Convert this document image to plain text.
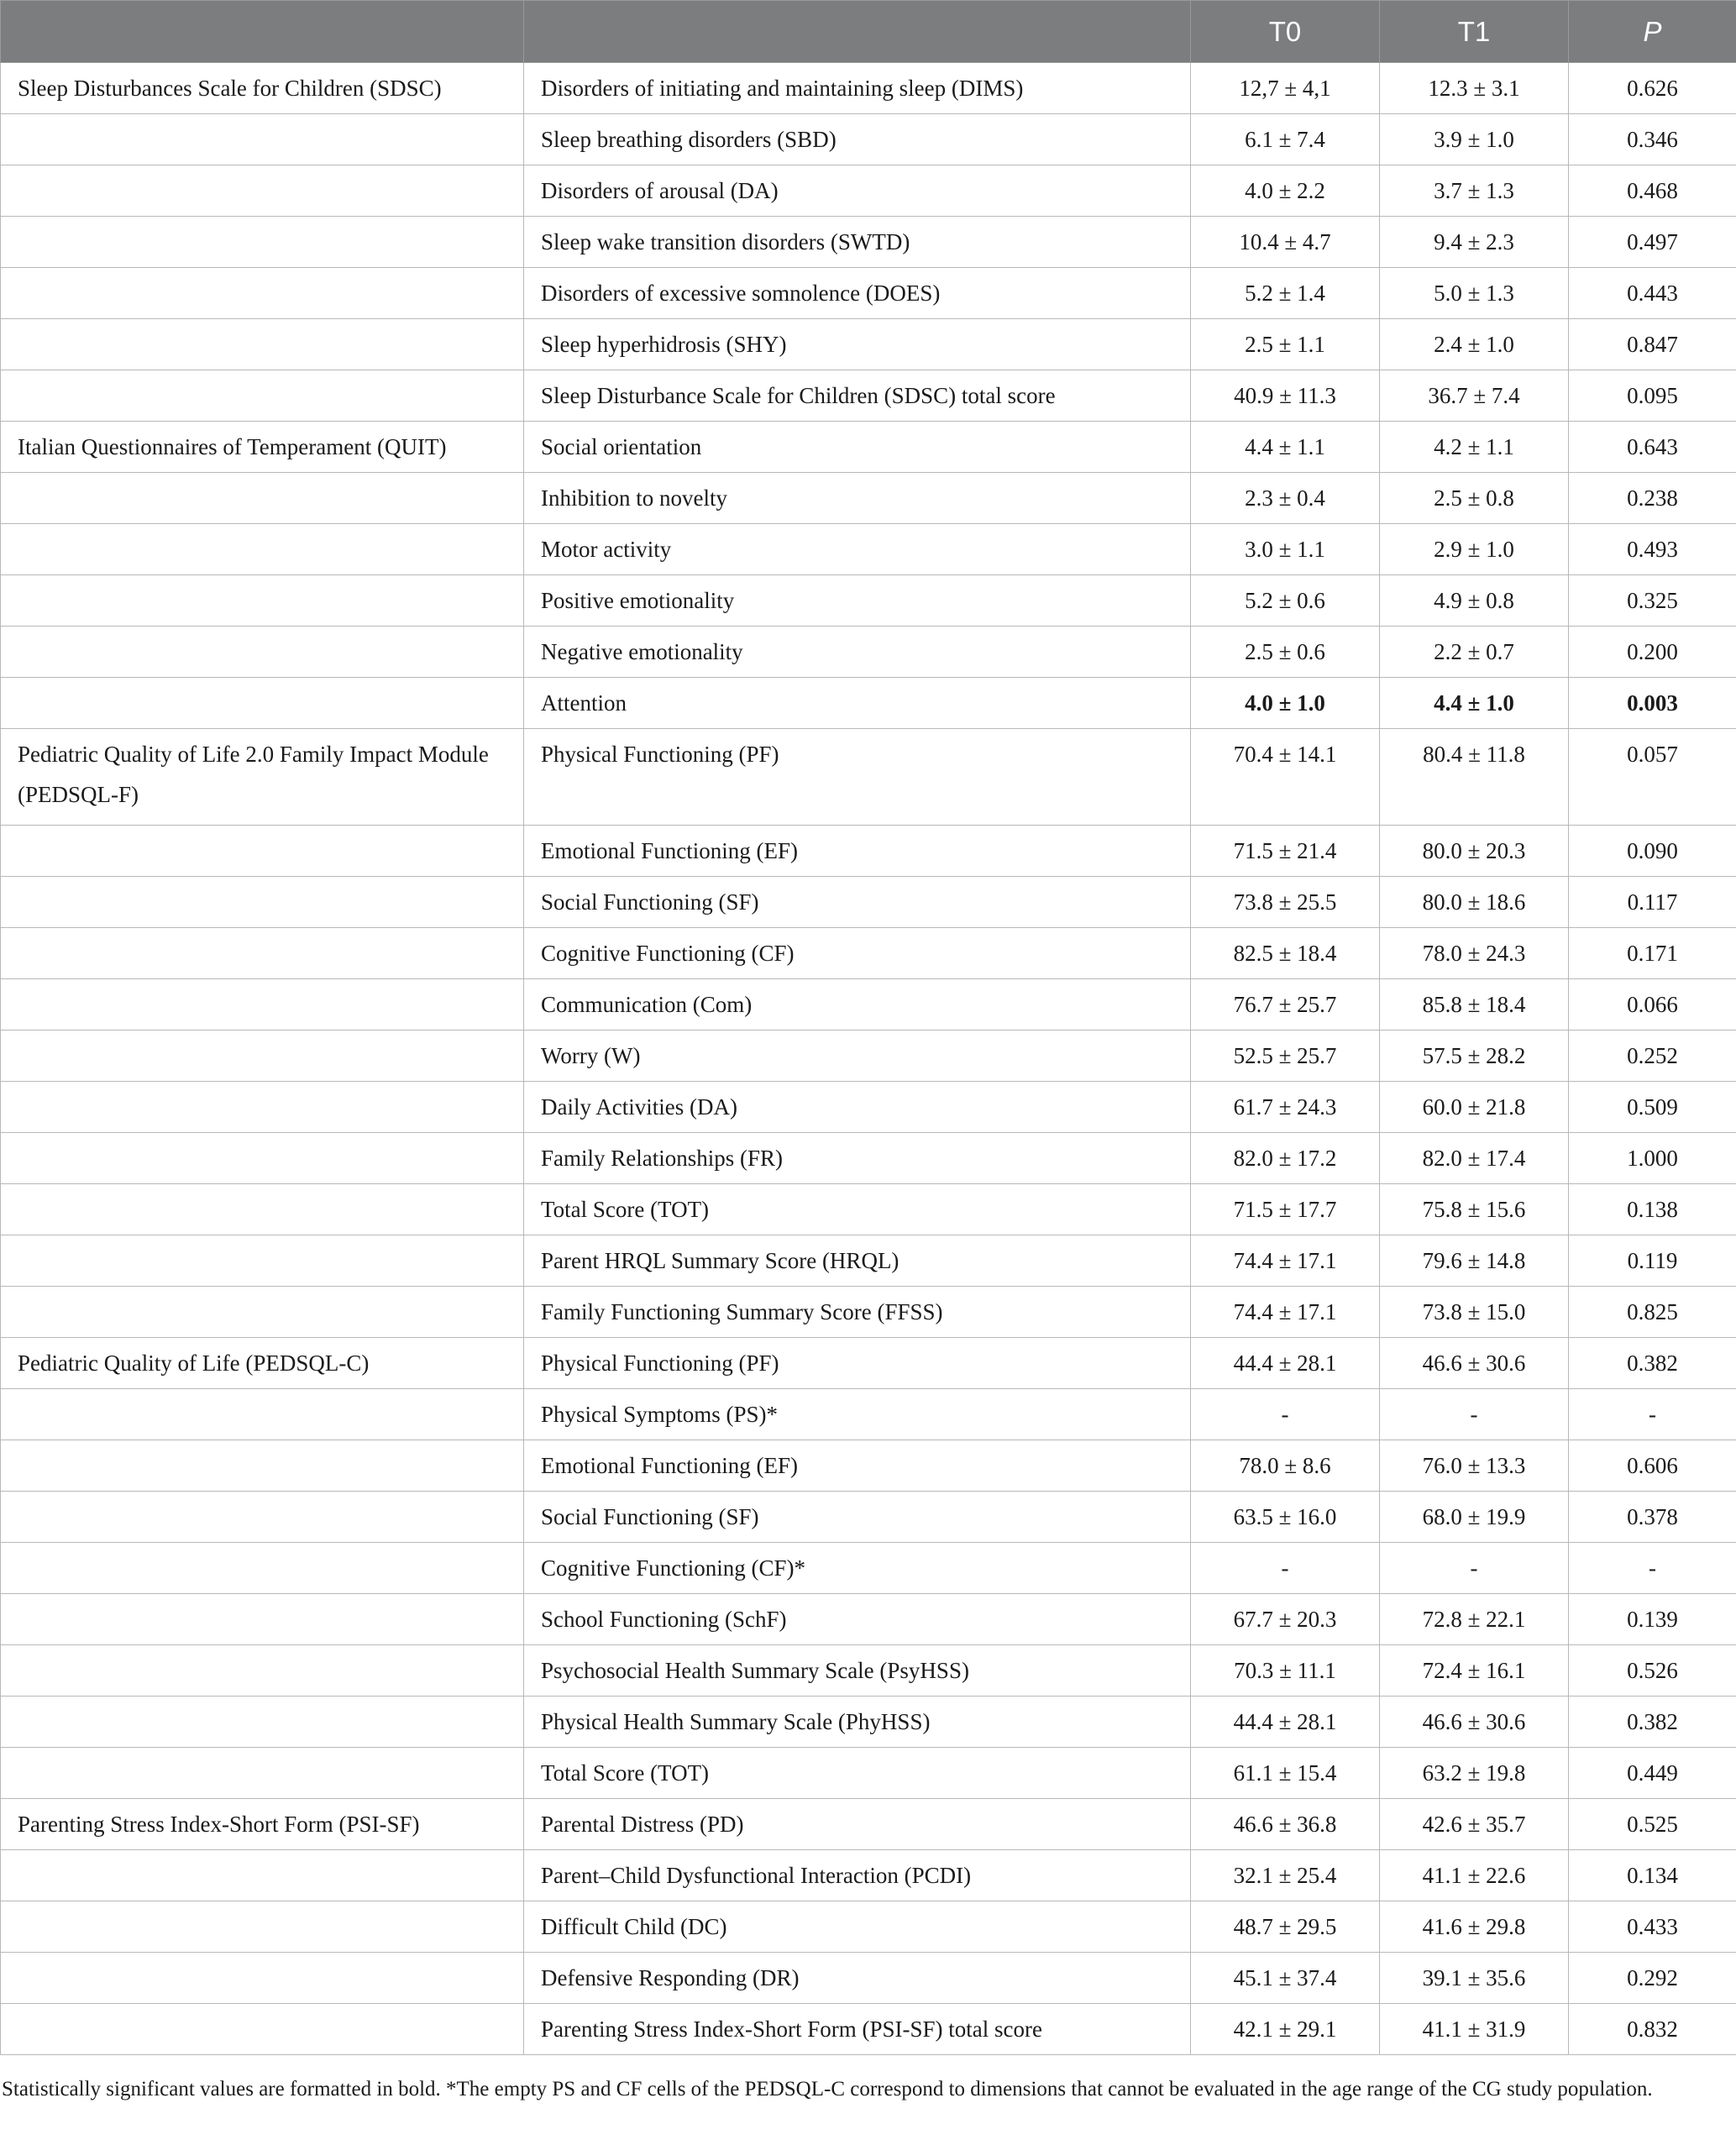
		T0	T1	P
Sleep Disturbances Scale for Children (SDSC)	Disorders of initiating and maintaining sleep (DIMS)	12,7 ± 4,1	12.3 ± 3.1	0.626
	Sleep breathing disorders (SBD)	6.1 ± 7.4	3.9 ± 1.0	0.346
	Disorders of arousal (DA)	4.0 ± 2.2	3.7 ± 1.3	0.468
	Sleep wake transition disorders (SWTD)	10.4 ± 4.7	9.4 ± 2.3	0.497
	Disorders of excessive somnolence (DOES)	5.2 ± 1.4	5.0 ± 1.3	0.443
	Sleep hyperhidrosis (SHY)	2.5 ± 1.1	2.4 ± 1.0	0.847
	Sleep Disturbance Scale for Children (SDSC) total score	40.9 ± 11.3	36.7 ± 7.4	0.095
Italian Questionnaires of Temperament (QUIT)	Social orientation	4.4 ± 1.1	4.2 ± 1.1	0.643
	Inhibition to novelty	2.3 ± 0.4	2.5 ± 0.8	0.238
	Motor activity	3.0 ± 1.1	2.9 ± 1.0	0.493
	Positive emotionality	5.2 ± 0.6	4.9 ± 0.8	0.325
	Negative emotionality	2.5 ± 0.6	2.2 ± 0.7	0.200
	Attention	4.0 ± 1.0	4.4 ± 1.0	0.003
Pediatric Quality of Life 2.0 Family Impact Module (PEDSQL-F)	Physical Functioning (PF)	70.4 ± 14.1	80.4 ± 11.8	0.057
	Emotional Functioning (EF)	71.5 ± 21.4	80.0 ± 20.3	0.090
	Social Functioning (SF)	73.8 ± 25.5	80.0 ± 18.6	0.117
	Cognitive Functioning (CF)	82.5 ± 18.4	78.0 ± 24.3	0.171
	Communication (Com)	76.7 ± 25.7	85.8 ± 18.4	0.066
	Worry (W)	52.5 ± 25.7	57.5 ± 28.2	0.252
	Daily Activities (DA)	61.7 ± 24.3	60.0 ± 21.8	0.509
	Family Relationships (FR)	82.0 ± 17.2	82.0 ± 17.4	1.000
	Total Score (TOT)	71.5 ± 17.7	75.8 ± 15.6	0.138
	Parent HRQL Summary Score (HRQL)	74.4 ± 17.1	79.6 ± 14.8	0.119
	Family Functioning Summary Score (FFSS)	74.4 ± 17.1	73.8 ± 15.0	0.825
Pediatric Quality of Life (PEDSQL-C)	Physical Functioning (PF)	44.4 ± 28.1	46.6 ± 30.6	0.382
	Physical Symptoms (PS)*	-	-	-
	Emotional Functioning (EF)	78.0 ± 8.6	76.0 ± 13.3	0.606
	Social Functioning (SF)	63.5 ± 16.0	68.0 ± 19.9	0.378
	Cognitive Functioning (CF)*	-	-	-
	School Functioning (SchF)	67.7 ± 20.3	72.8 ± 22.1	0.139
	Psychosocial Health Summary Scale (PsyHSS)	70.3 ± 11.1	72.4 ± 16.1	0.526
	Physical Health Summary Scale (PhyHSS)	44.4 ± 28.1	46.6 ± 30.6	0.382
	Total Score (TOT)	61.1 ± 15.4	63.2 ± 19.8	0.449
Parenting Stress Index-Short Form (PSI-SF)	Parental Distress (PD)	46.6 ± 36.8	42.6 ± 35.7	0.525
	Parent–Child Dysfunctional Interaction (PCDI)	32.1 ± 25.4	41.1 ± 22.6	0.134
	Difficult Child (DC)	48.7 ± 29.5	41.6 ± 29.8	0.433
	Defensive Responding (DR)	45.1 ± 37.4	39.1 ± 35.6	0.292
	Parenting Stress Index-Short Form (PSI-SF) total score	42.1 ± 29.1	41.1 ± 31.9	0.832
Statistically significant values are formatted in bold. *The empty PS and CF cells of the PEDSQL-C correspond to dimensions that cannot be evaluated in the age range of the CG study population.
